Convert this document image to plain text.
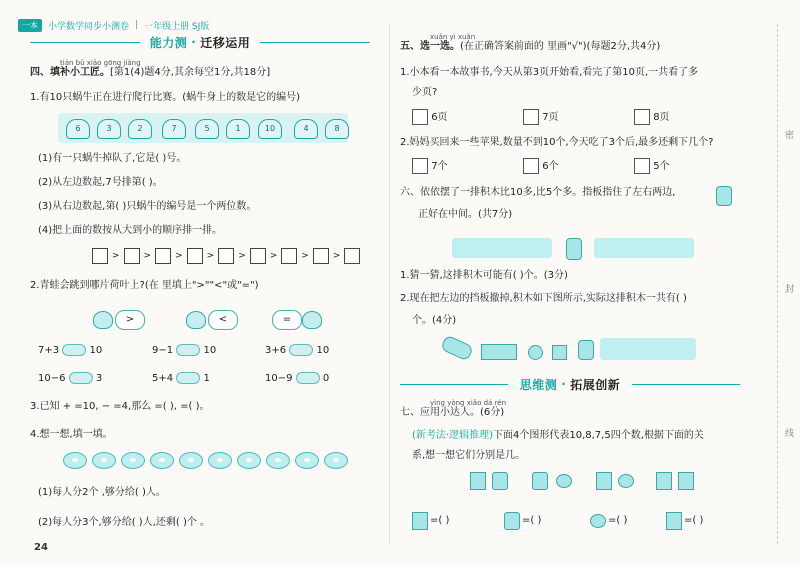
一本	小学数学同步小测卷 | 一年级上册 SJ版
能力测 · 迁移运用
tián bǔ xiǎo gōng jiàng
四、填补小工匠。[第1(4)题4分,其余每空1分,共18分]
1.有10只蜗牛正在进行爬行比赛。(蜗牛身上的数是它的编号)
6	3	2	7	5	1	10	4	8
(1)有一只蜗牛掉队了,它是( )号。
(2)从左边数起,7号排第( )。
(3)从右边数起,第( )只蜗牛的编号是一个两位数。
(4)把上面的数按从大到小的顺序排一排。
>	>	>	>	>	>	>	>
2.青蛙会跳到哪片荷叶上?(在 里填上">""<"或"=")
>	<	=
7+3	10	9−1	10	3+6	10
10−6	3	5+4	1	10−9	0
3.已知 + =10, − =4,那么 =( ), =( )。
4.想一想,填一填。
(1)每人分2个 ,够分给( )人。
(2)每人分3个,够分给( )人,还剩( )个 。
24
xuǎn yi xuǎn
五、选一选。(在正确答案前面的 里画"√")(每题2分,共4分)
1.小本看一本故事书,今天从第3页开始看,看完了第10页,一共看了多
少页?
6页	7页	8页
2.妈妈买回来一些苹果,数量不到10个,今天吃了3个后,最多还剩下几个?
7个	6个	5个
六、依依摆了一排积木比10多,比5个多。指板指住了左右两边,
正好在中间。(共7分)
1.猜一猜,这排积木可能有( )个。(3分)
2.现在把左边的挡板撤掉,积木如下图所示,实际这排积木一共有( )
个。(4分)
思维测 · 拓展创新
yìng yòng xiǎo dá rén
七、应用小达人。(6分)
(新考法·逻辑推理)下面4个图形代表10,8,7,5四个数,根据下面的关
系,想一想它们分别是几。
=( )	=( )	=( )	=( )
密
封
线
